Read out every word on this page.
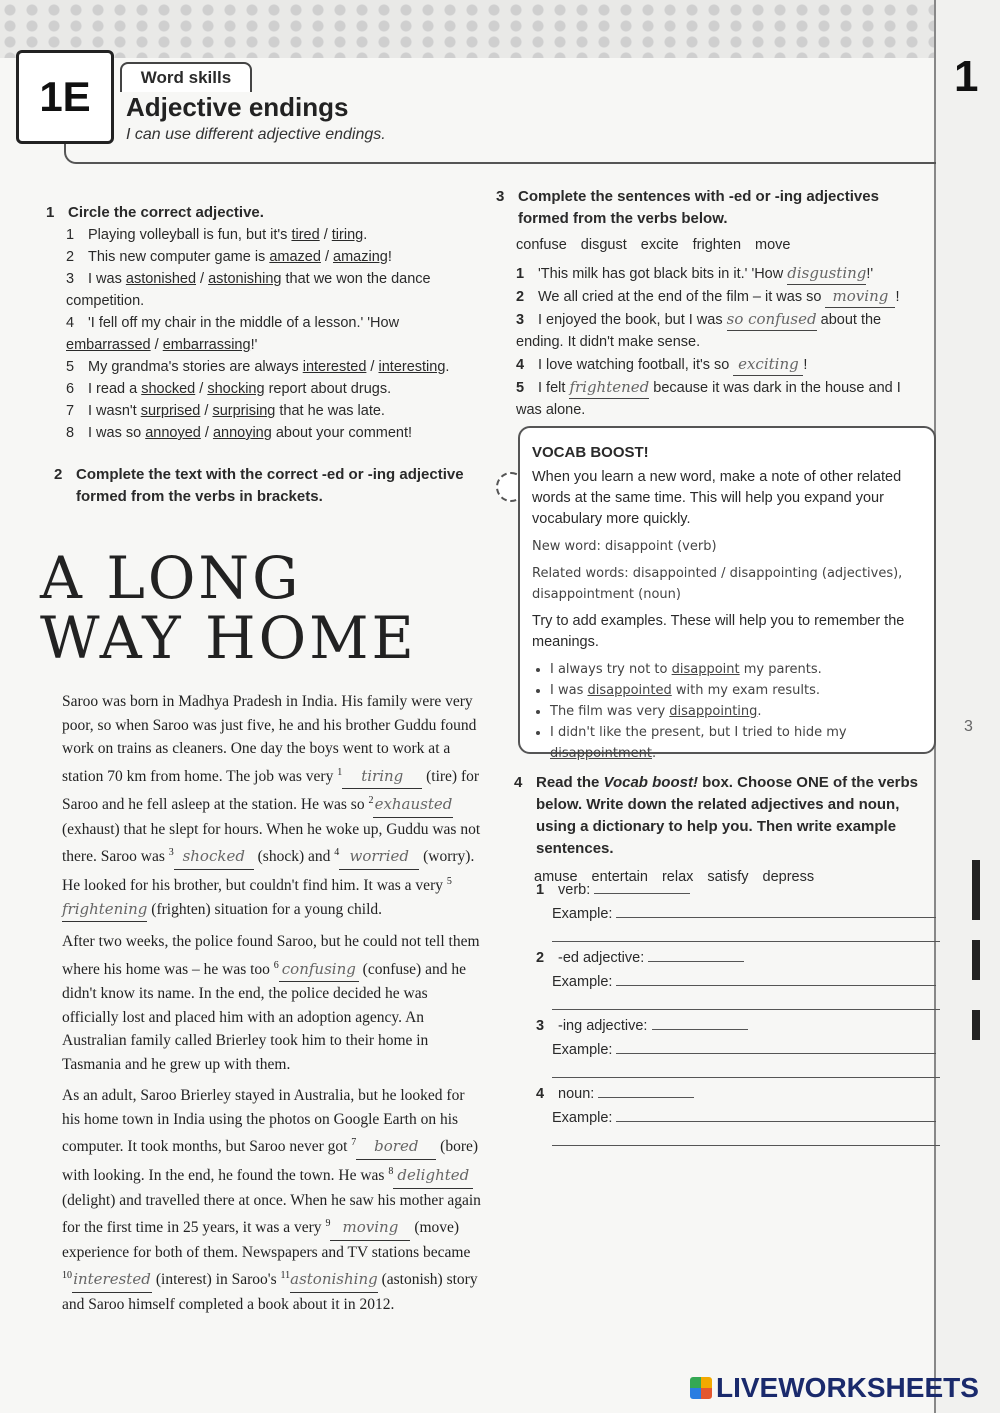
1
3
1E	Word skills
Adjective endings
I can use different adjective endings.
1 Circle the correct adjective.
1 Playing volleyball is fun, but it's tired / tiring.
2 This new computer game is amazed / amazing!
3 I was astonished / astonishing that we won the dance competition.
4 'I fell off my chair in the middle of a lesson.' 'How embarrassed / embarrassing!'
5 My grandma's stories are always interested / interesting.
6 I read a shocked / shocking report about drugs.
7 I wasn't surprised / surprising that he was late.
8 I was so annoyed / annoying about your comment!
2 Complete the text with the correct -ed or -ing adjective formed from the verbs in brackets.
A LONG
WAY HOME

Saroo was born in Madhya Pradesh in India. His family were very poor, so when Saroo was just five, he and his brother Guddu found work on trains as cleaners. One day the boys went to work at a station 70 km from home. The job was very $^1$ tiring (tire) for Saroo and he fell asleep at the station. He was so $^2$exhausted (exhaust) that he slept for hours. When he woke up, Guddu was not there. Saroo was $^3$ shocked (shock) and $^4$ worried (worry). He looked for his brother, but couldn't find him. It was a very $^5$frightening (frighten) situation for a young child.

After two weeks, the police found Saroo, but he could not tell them where his home was – he was too $^6$ confusing (confuse) and he didn't know its name. In the end, the police decided he was officially lost and placed him with an adoption agency. An Australian family called Brierley took him to their home in Tasmania and he grew up with them.

As an adult, Saroo Brierley stayed in Australia, but he looked for his home town in India using the photos on Google Earth on his computer. It took months, but Saroo never got $^7$ bored (bore) with looking. In the end, he found the town. He was $^8$ delighted (delight) and travelled there at once. When he saw his mother again for the first time in 25 years, it was a very $^9$ moving (move) experience for both of them. Newspapers and TV stations became $^{10}$interested (interest) in Saroo's $^{11}$astonishing (astonish) story and Saroo himself completed a book about it in 2012.

3 Complete the sentences with -ed or -ing adjectives formed from the verbs below.
confuse disgust excite frighten move
1 'This milk has got black bits in it.' 'How disgusting!'
2 We all cried at the end of the film – it was so moving !
3 I enjoyed the book, but I was so confused about the ending. It didn't make sense.
4 I love watching football, it's so exciting !
5 I felt frightened because it was dark in the house and I was alone.
VOCAB BOOST!

When you learn a new word, make a note of other related words at the same time. This will help you expand your vocabulary more quickly.

New word: disappoint (verb)

Related words: disappointed / disappointing (adjectives), disappointment (noun)

Try to add examples. These will help you to remember the meanings.

• I always try not to disappoint my parents.
• I was disappointed with my exam results.
• The film was very disappointing.
• I didn't like the present, but I tried to hide my disappointment.
4 Read the Vocab boost! box. Choose ONE of the verbs below. Write down the related adjectives and noun, using a dictionary to help you. Then write example sentences.
amuse entertain relax satisfy depress
1 verb:
Example:
2 -ed adjective:
Example:
3 -ing adjective:
Example:
4 noun:
Example:
LIVEWORKSHEETS
